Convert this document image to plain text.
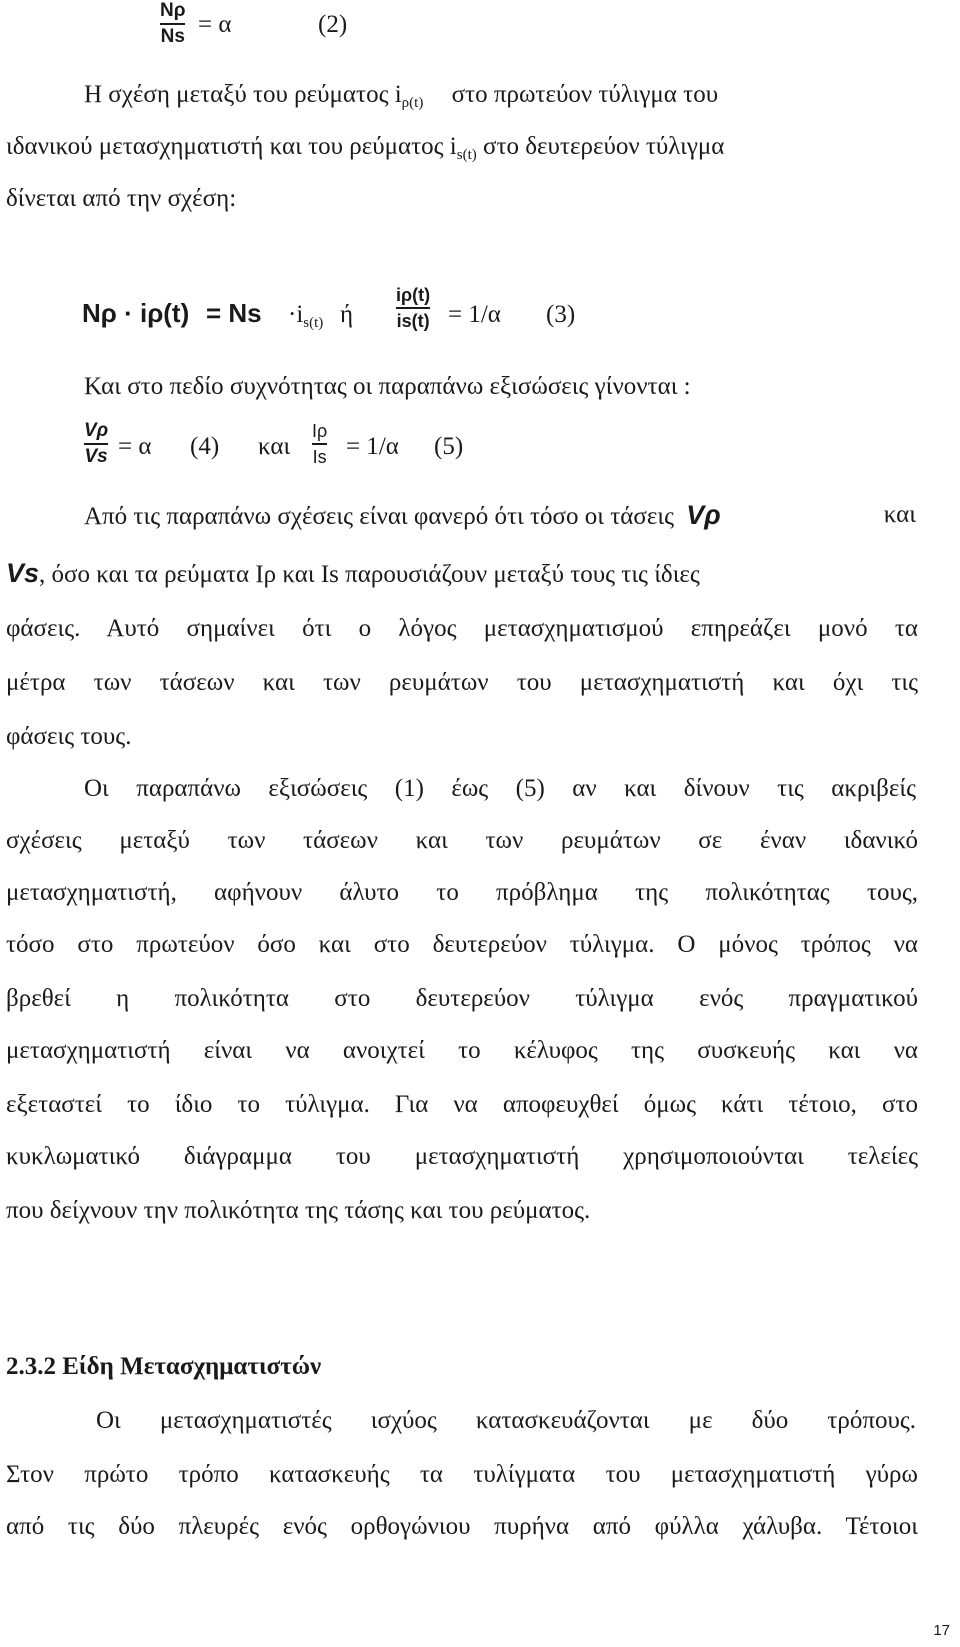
Nρ
Ns = α	(2)
Η σχέση μεταξύ του ρεύματος $i_{\rho(t)}$ στο πρωτεύον τύλιγμα του
ιδανικού μετασχηματιστή και του ρεύματος $i_{s(t)}$ στο δευτερεύον τύλιγμα
δίνεται από την σχέση:
$N\rho \cdot i\rho(t) = Ns \cdot i_{s(t)}$ ή
iρ(t)
is(t) = 1/α (3)
Και στο πεδίο συχνότητας οι παραπάνω εξισώσεις γίνονται :
Vρ
Vs = α (4) και
Iρ
Is = 1/α (5)
Από τις παραπάνω σχέσεις είναι φανερό ότι τόσο οι τάσεις Vρ	και
Vs, όσο και τα ρεύματα Ιρ και Is παρουσιάζουν μεταξύ τους τις ίδιες
φάσεις. Αυτό σημαίνει ότι ο λόγος μετασχηματισμού επηρεάζει μονό τα
μέτρα των τάσεων και των ρευμάτων του μετασχηματιστή και όχι τις
φάσεις τους.
Οι παραπάνω εξισώσεις (1) έως (5) αν και δίνουν τις ακριβείς
σχέσεις μεταξύ των τάσεων και των ρευμάτων σε έναν ιδανικό
μετασχηματιστή, αφήνουν άλυτο το πρόβλημα της πολικότητας τους,
τόσο στο πρωτεύον όσο και στο δευτερεύον τύλιγμα. Ο μόνος τρόπος να
βρεθεί η πολικότητα στο δευτερεύον τύλιγμα ενός πραγματικού
μετασχηματιστή είναι να ανοιχτεί το κέλυφος της συσκευής και να
εξεταστεί το ίδιο το τύλιγμα. Για να αποφευχθεί όμως κάτι τέτοιο, στο
κυκλωματικό διάγραμμα του μετασχηματιστή χρησιμοποιούνται τελείες
που δείχνουν την πολικότητα της τάσης και του ρεύματος.
2.3.2 Είδη Μετασχηματιστών
Οι μετασχηματιστές ισχύος κατασκευάζονται με δύο τρόπους.
Στον πρώτο τρόπο κατασκευής τα τυλίγματα του μετασχηματιστή γύρω
από τις δύο πλευρές ενός ορθογώνιου πυρήνα από φύλλα χάλυβα. Τέτοιοι
17
